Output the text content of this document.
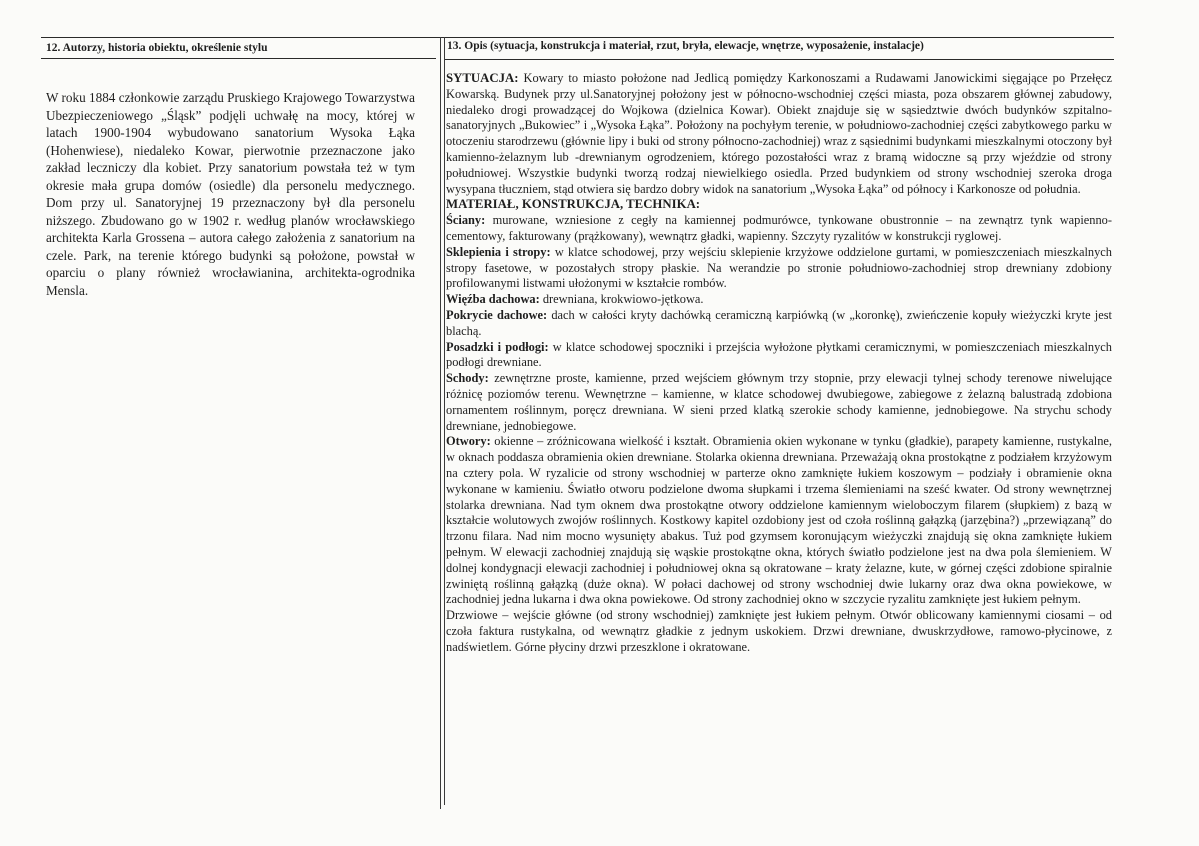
12. Autorzy, historia obiektu, określenie stylu	13. Opis (sytuacja, konstrukcja i materiał, rzut, bryła, elewacje, wnętrze, wyposażenie, instalacje)

W roku 1884 członkowie zarządu Pruskiego Krajowego Towarzystwa Ubezpieczeniowego „Śląsk” podjęli uchwałę na mocy, której w latach 1900-1904 wybudowano sanatorium Wysoka Łąka (Hohenwiese), niedaleko Kowar, pierwotnie przeznaczone jako zakład leczniczy dla kobiet. Przy sanatorium powstała też w tym okresie mała grupa domów (osiedle) dla personelu medycznego. Dom przy ul. Sanatoryjnej 19 przeznaczony był dla personelu niższego. Zbudowano go w 1902 r. według planów wrocławskiego architekta Karla Grossena – autora całego założenia z sanatorium na czele. Park, na terenie którego budynki są położone, powstał w oparciu o plany również wrocławianina, architekta-ogrodnika Mensla.

SYTUACJA: Kowary to miasto położone nad Jedlicą pomiędzy Karkonoszami a Rudawami Janowickimi sięgające po Przełęcz Kowarską. Budynek przy ul.Sanatoryjnej położony jest w północno-wschodniej części miasta, poza obszarem głównej zabudowy, niedaleko drogi prowadzącej do Wojkowa (dzielnica Kowar). Obiekt znajduje się w sąsiedztwie dwóch budynków szpitalno-sanatoryjnych „Bukowiec” i „Wysoka Łąka”. Położony na pochyłym terenie, w południowo-zachodniej części zabytkowego parku w otoczeniu starodrzewu (głównie lipy i buki od strony północno-zachodniej) wraz z sąsiednimi budynkami mieszkalnymi otoczony był kamienno-żelaznym lub -drewnianym ogrodzeniem, którego pozostałości wraz z bramą widoczne są przy wjeździe od strony południowej. Wszystkie budynki tworzą rodzaj niewielkiego osiedla. Przed budynkiem od strony wschodniej szeroka droga wysypana tłuczniem, stąd otwiera się bardzo dobry widok na sanatorium „Wysoka Łąka” od północy i Karkonosze od południa.

MATERIAŁ, KONSTRUKCJA, TECHNIKA:

Ściany: murowane, wzniesione z cegły na kamiennej podmurówce, tynkowane obustronnie – na zewnątrz tynk wapienno-cementowy, fakturowany (prążkowany), wewnątrz gładki, wapienny. Szczyty ryzalitów w konstrukcji ryglowej.

Sklepienia i stropy: w klatce schodowej, przy wejściu sklepienie krzyżowe oddzielone gurtami, w pomieszczeniach mieszkalnych stropy fasetowe, w pozostałych stropy płaskie. Na werandzie po stronie południowo-zachodniej strop drewniany zdobiony profilowanymi listwami ułożonymi w kształcie rombów.

Więźba dachowa: drewniana, krokwiowo-jętkowa.

Pokrycie dachowe: dach w całości kryty dachówką ceramiczną karpiówką (w „koronkę), zwieńczenie kopuły wieżyczki kryte jest blachą.

Posadzki i podłogi: w klatce schodowej spoczniki i przejścia wyłożone płytkami ceramicznymi, w pomieszczeniach mieszkalnych podłogi drewniane.

Schody: zewnętrzne proste, kamienne, przed wejściem głównym trzy stopnie, przy elewacji tylnej schody terenowe niwelujące różnicę poziomów terenu. Wewnętrzne – kamienne, w klatce schodowej dwubiegowe, zabiegowe z żelazną balustradą zdobiona ornamentem roślinnym, poręcz drewniana. W sieni przed klatką szerokie schody kamienne, jednobiegowe. Na strychu schody drewniane, jednobiegowe.

Otwory: okienne – zróżnicowana wielkość i kształt. Obramienia okien wykonane w tynku (gładkie), parapety kamienne, rustykalne, w oknach poddasza obramienia okien drewniane. Stolarka okienna drewniana. Przeważają okna prostokątne z podziałem krzyżowym na cztery pola. W ryzalicie od strony wschodniej w parterze okno zamknięte łukiem koszowym – podziały i obramienie okna wykonane w kamieniu. Światło otworu podzielone dwoma słupkami i trzema ślemieniami na sześć kwater. Od strony wewnętrznej stolarka drewniana. Nad tym oknem dwa prostokątne otwory oddzielone kamiennym wieloboczym filarem (słupkiem) z bazą w kształcie wolutowych zwojów roślinnych. Kostkowy kapitel ozdobiony jest od czoła roślinną gałązką (jarzębina?) „przewiązaną” do trzonu filara. Nad nim mocno wysunięty abakus. Tuż pod gzymsem koronującym wieżyczki znajdują się okna zamknięte łukiem pełnym. W elewacji zachodniej znajdują się wąskie prostokątne okna, których światło podzielone jest na dwa pola ślemieniem. W dolnej kondygnacji elewacji zachodniej i południowej okna są okratowane – kraty żelazne, kute, w górnej części zdobione spiralnie zwiniętą roślinną gałązką (duże okna). W połaci dachowej od strony wschodniej dwie lukarny oraz dwa okna powiekowe, w zachodniej jedna lukarna i dwa okna powiekowe. Od strony zachodniej okno w szczycie ryzalitu zamknięte jest łukiem pełnym.

Drzwiowe – wejście główne (od strony wschodniej) zamknięte jest łukiem pełnym. Otwór oblicowany kamiennymi ciosami – od czoła faktura rustykalna, od wewnątrz gładkie z jednym uskokiem. Drzwi drewniane, dwuskrzydłowe, ramowo-płycinowe, z nadświetlem. Górne płyciny drzwi przeszklone i okratowane.
